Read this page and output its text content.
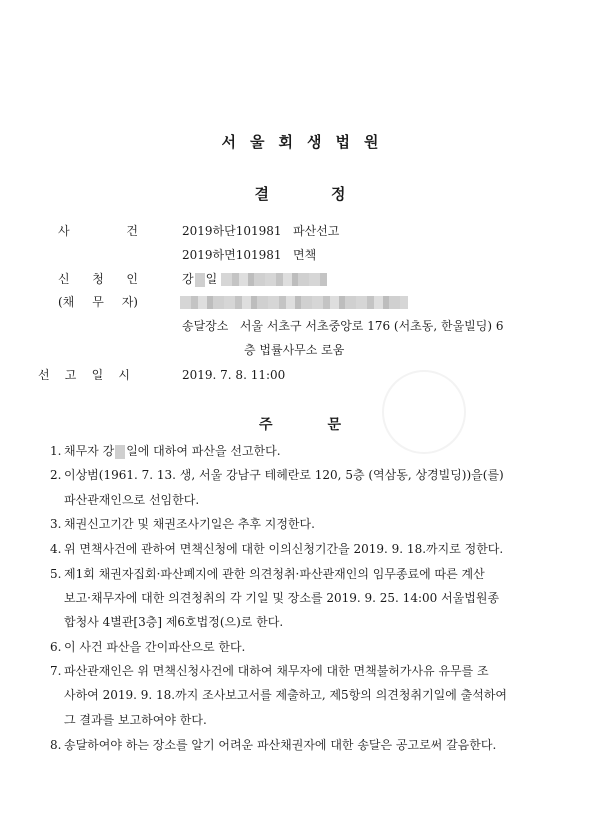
서울회생법원
결	정
사	건	2019하단101981   파산선고
2019하면101981   면책
신 청 인	강 일
(채 무 자)
송달장소 서울 서초구 서초중앙로 176 (서초동, 한울빌딩) 6
층 법률사무소 로움
선 고 일 시	2019. 7. 8. 11:00
주	문
1. 채무자 강 일에 대하여 파산을 선고한다.
2. 이상범(1961. 7. 13. 생, 서울 강남구 테헤란로 120, 5층 (역삼동, 상경빌딩))을(를)
파산관재인으로 선임한다.
3. 채권신고기간 및 채권조사기일은 추후 지정한다.
4. 위 면책사건에 관하여 면책신청에 대한 이의신청기간을 2019. 9. 18.까지로 정한다.
5. 제1회 채권자집회·파산폐지에 관한 의견청취·파산관재인의 임무종료에 따른 계산
보고·채무자에 대한 의견청취의 각 기일 및 장소를 2019. 9. 25. 14:00 서울법원종
합청사 4별관[3층] 제6호법정(으)로 한다.
6. 이 사건 파산을 간이파산으로 한다.
7. 파산관재인은 위 면책신청사건에 대하여 채무자에 대한 면책불허가사유 유무를 조
사하여 2019. 9. 18.까지 조사보고서를 제출하고, 제5항의 의견청취기일에 출석하여
그 결과를 보고하여야 한다.
8. 송달하여야 하는 장소를 알기 어려운 파산채권자에 대한 송달은 공고로써 갈음한다.
